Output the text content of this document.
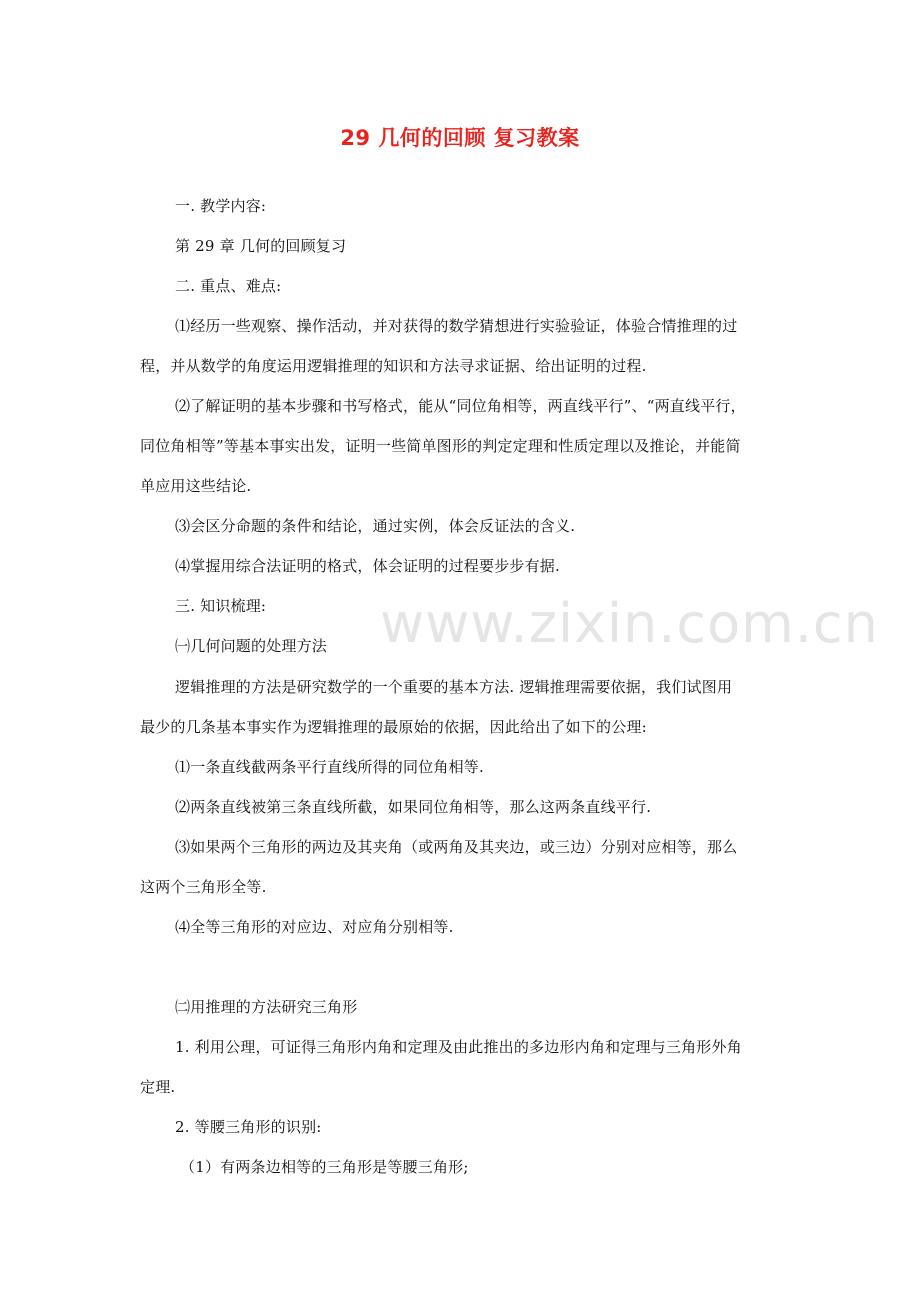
29 几何的回顾 复习教案
www.zixin.com.cn
一. 教学内容:
第 29 章 几何的回顾复习
二. 重点、难点:
⑴经历一些观察、操作活动，并对获得的数学猜想进行实验验证，体验合情推理的过
程，并从数学的角度运用逻辑推理的知识和方法寻求证据、给出证明的过程.
⑵了解证明的基本步骤和书写格式，能从“同位角相等，两直线平行”、“两直线平行，
同位角相等”等基本事实出发，证明一些简单图形的判定定理和性质定理以及推论，并能简
单应用这些结论.
⑶会区分命题的条件和结论，通过实例，体会反证法的含义.
⑷掌握用综合法证明的格式，体会证明的过程要步步有据.
三. 知识梳理:
㈠几何问题的处理方法
逻辑推理的方法是研究数学的一个重要的基本方法. 逻辑推理需要依据，我们试图用
最少的几条基本事实作为逻辑推理的最原始的依据，因此给出了如下的公理:
⑴一条直线截两条平行直线所得的同位角相等.
⑵两条直线被第三条直线所截，如果同位角相等，那么这两条直线平行.
⑶如果两个三角形的两边及其夹角（或两角及其夹边，或三边）分别对应相等，那么
这两个三角形全等.
⑷全等三角形的对应边、对应角分别相等.
㈡用推理的方法研究三角形
1. 利用公理，可证得三角形内角和定理及由此推出的多边形内角和定理与三角形外角
定理.
2. 等腰三角形的识别:
（1）有两条边相等的三角形是等腰三角形;
